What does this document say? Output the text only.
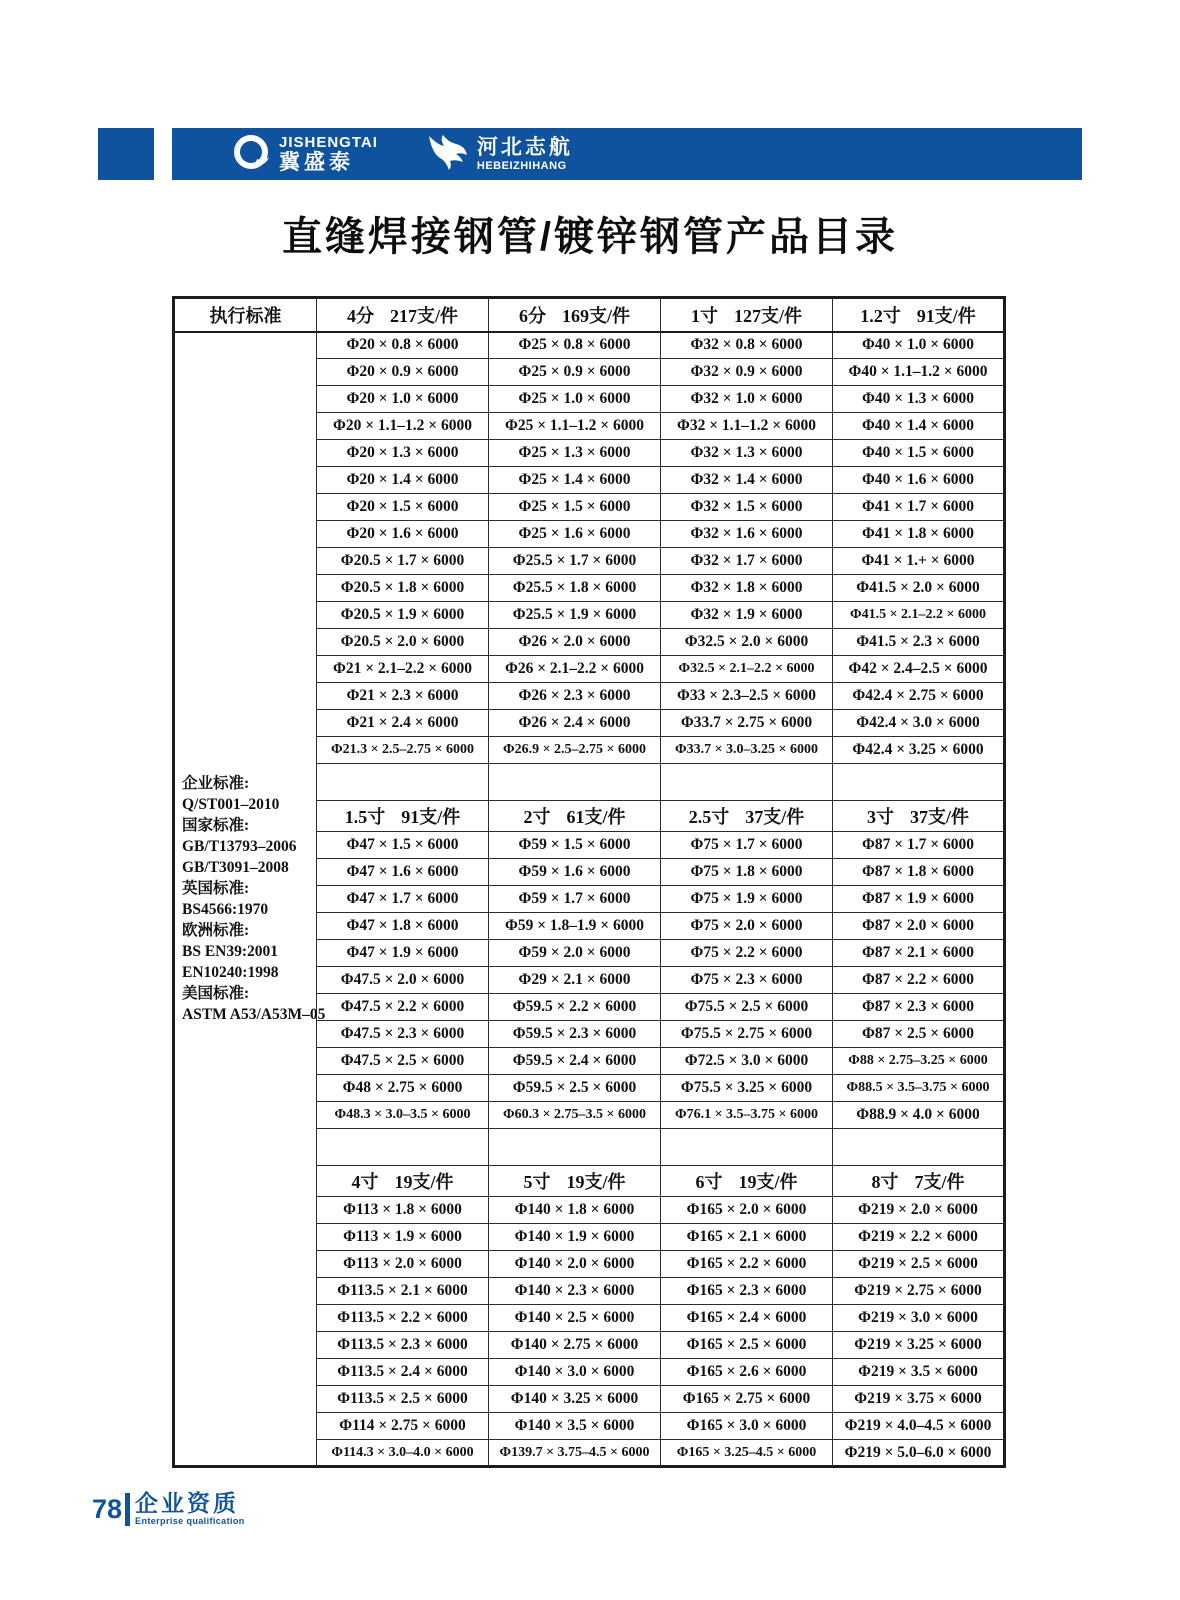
JISHENGTAI
冀盛泰
河北志航
HEBEIZHIHANG
直缝焊接钢管/镀锌钢管产品目录
执行标准	4分 217支/件	6分 169支/件	1寸 127支/件	1.2寸 91支/件

企业标准:
Q/ST001–2010
国家标准:
GB/T13793–2006
GB/T3091–2008
英国标准:
BS4566:1970
欧洲标准:
BS EN39:2001
EN10240:1998
美国标准:
ASTM A53/A53M–05
	Φ20 × 0.8 × 6000	Φ25 × 0.8 × 6000	Φ32 × 0.8 × 6000	Φ40 × 1.0 × 6000
	Φ20 × 0.9 × 6000	Φ25 × 0.9 × 6000	Φ32 × 0.9 × 6000	Φ40 × 1.1–1.2 × 6000
	Φ20 × 1.0 × 6000	Φ25 × 1.0 × 6000	Φ32 × 1.0 × 6000	Φ40 × 1.3 × 6000
	Φ20 × 1.1–1.2 × 6000	Φ25 × 1.1–1.2 × 6000	Φ32 × 1.1–1.2 × 6000	Φ40 × 1.4 × 6000
	Φ20 × 1.3 × 6000	Φ25 × 1.3 × 6000	Φ32 × 1.3 × 6000	Φ40 × 1.5 × 6000
	Φ20 × 1.4 × 6000	Φ25 × 1.4 × 6000	Φ32 × 1.4 × 6000	Φ40 × 1.6 × 6000
	Φ20 × 1.5 × 6000	Φ25 × 1.5 × 6000	Φ32 × 1.5 × 6000	Φ41 × 1.7 × 6000
	Φ20 × 1.6 × 6000	Φ25 × 1.6 × 6000	Φ32 × 1.6 × 6000	Φ41 × 1.8 × 6000
	Φ20.5 × 1.7 × 6000	Φ25.5 × 1.7 × 6000	Φ32 × 1.7 × 6000	Φ41 × 1.+ × 6000
	Φ20.5 × 1.8 × 6000	Φ25.5 × 1.8 × 6000	Φ32 × 1.8 × 6000	Φ41.5 × 2.0 × 6000
	Φ20.5 × 1.9 × 6000	Φ25.5 × 1.9 × 6000	Φ32 × 1.9 × 6000	Φ41.5 × 2.1–2.2 × 6000
	Φ20.5 × 2.0 × 6000	Φ26 × 2.0 × 6000	Φ32.5 × 2.0 × 6000	Φ41.5 × 2.3 × 6000
	Φ21 × 2.1–2.2 × 6000	Φ26 × 2.1–2.2 × 6000	Φ32.5 × 2.1–2.2 × 6000	Φ42 × 2.4–2.5 × 6000
	Φ21 × 2.3 × 6000	Φ26 × 2.3 × 6000	Φ33 × 2.3–2.5 × 6000	Φ42.4 × 2.75 × 6000
	Φ21 × 2.4 × 6000	Φ26 × 2.4 × 6000	Φ33.7 × 2.75 × 6000	Φ42.4 × 3.0 × 6000
	Φ21.3 × 2.5–2.75 × 6000	Φ26.9 × 2.5–2.75 × 6000	Φ33.7 × 3.0–3.25 × 6000	Φ42.4 × 3.25 × 6000

	1.5寸 91支/件	2寸 61支/件	2.5寸 37支/件	3寸 37支/件
	Φ47 × 1.5 × 6000	Φ59 × 1.5 × 6000	Φ75 × 1.7 × 6000	Φ87 × 1.7 × 6000
	Φ47 × 1.6 × 6000	Φ59 × 1.6 × 6000	Φ75 × 1.8 × 6000	Φ87 × 1.8 × 6000
	Φ47 × 1.7 × 6000	Φ59 × 1.7 × 6000	Φ75 × 1.9 × 6000	Φ87 × 1.9 × 6000
	Φ47 × 1.8 × 6000	Φ59 × 1.8–1.9 × 6000	Φ75 × 2.0 × 6000	Φ87 × 2.0 × 6000
	Φ47 × 1.9 × 6000	Φ59 × 2.0 × 6000	Φ75 × 2.2 × 6000	Φ87 × 2.1 × 6000
	Φ47.5 × 2.0 × 6000	Φ29 × 2.1 × 6000	Φ75 × 2.3 × 6000	Φ87 × 2.2 × 6000
	Φ47.5 × 2.2 × 6000	Φ59.5 × 2.2 × 6000	Φ75.5 × 2.5 × 6000	Φ87 × 2.3 × 6000
	Φ47.5 × 2.3 × 6000	Φ59.5 × 2.3 × 6000	Φ75.5 × 2.75 × 6000	Φ87 × 2.5 × 6000
	Φ47.5 × 2.5 × 6000	Φ59.5 × 2.4 × 6000	Φ72.5 × 3.0 × 6000	Φ88 × 2.75–3.25 × 6000
	Φ48 × 2.75 × 6000	Φ59.5 × 2.5 × 6000	Φ75.5 × 3.25 × 6000	Φ88.5 × 3.5–3.75 × 6000
	Φ48.3 × 3.0–3.5 × 6000	Φ60.3 × 2.75–3.5 × 6000	Φ76.1 × 3.5–3.75 × 6000	Φ88.9 × 4.0 × 6000

	4寸 19支/件	5寸 19支/件	6寸 19支/件	8寸 7支/件
	Φ113 × 1.8 × 6000	Φ140 × 1.8 × 6000	Φ165 × 2.0 × 6000	Φ219 × 2.0 × 6000
	Φ113 × 1.9 × 6000	Φ140 × 1.9 × 6000	Φ165 × 2.1 × 6000	Φ219 × 2.2 × 6000
	Φ113 × 2.0 × 6000	Φ140 × 2.0 × 6000	Φ165 × 2.2 × 6000	Φ219 × 2.5 × 6000
	Φ113.5 × 2.1 × 6000	Φ140 × 2.3 × 6000	Φ165 × 2.3 × 6000	Φ219 × 2.75 × 6000
	Φ113.5 × 2.2 × 6000	Φ140 × 2.5 × 6000	Φ165 × 2.4 × 6000	Φ219 × 3.0 × 6000
	Φ113.5 × 2.3 × 6000	Φ140 × 2.75 × 6000	Φ165 × 2.5 × 6000	Φ219 × 3.25 × 6000
	Φ113.5 × 2.4 × 6000	Φ140 × 3.0 × 6000	Φ165 × 2.6 × 6000	Φ219 × 3.5 × 6000
	Φ113.5 × 2.5 × 6000	Φ140 × 3.25 × 6000	Φ165 × 2.75 × 6000	Φ219 × 3.75 × 6000
	Φ114 × 2.75 × 6000	Φ140 × 3.5 × 6000	Φ165 × 3.0 × 6000	Φ219 × 4.0–4.5 × 6000
	Φ114.3 × 3.0–4.0 × 6000	Φ139.7 × 3.75–4.5 × 6000	Φ165 × 3.25–4.5 × 6000	Φ219 × 5.0–6.0 × 6000
78 企业资质
Enterprise qualification
